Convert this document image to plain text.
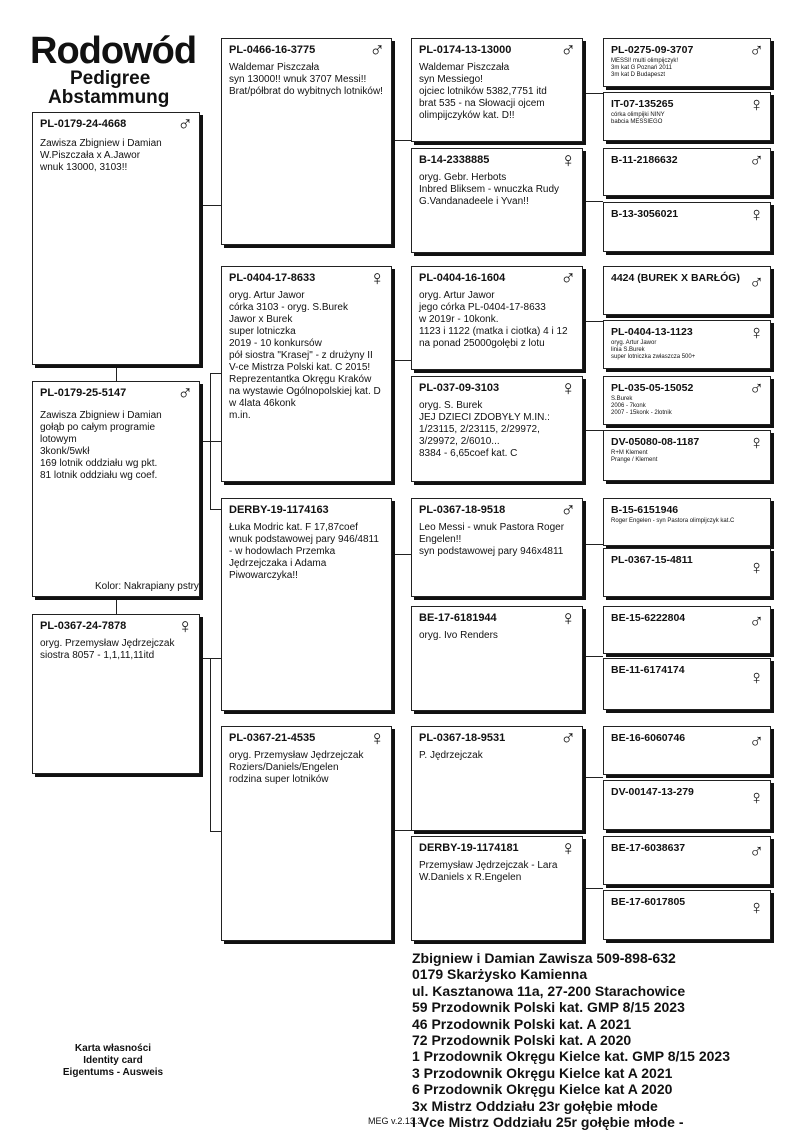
Rodowód
Pedigree
Abstammung
PL-0179-24-4668 ♂
Zawisza Zbigniew i Damian
W.Piszczała x A.Jawor
wnuk 13000, 3103!!
PL-0179-25-5147 ♂
Zawisza Zbigniew i Damian
gołąb po całym programie lotowym
3konk/5wkł
169 lotnik oddziału wg pkt.
81 lotnik oddziału wg coef.
Kolor: Nakrapiany pstry
PL-0367-24-7878 ♀
oryg. Przemysław Jędrzejczak
siostra 8057 - 1,1,11,11itd
PL-0466-16-3775	♂
Waldemar Piszczała
syn 13000!! wnuk 3707 Messi!!
Brat/półbrat do wybitnych lotników!
PL-0404-17-8633	♀
oryg. Artur Jawor
córka 3103 - oryg. S.Burek
Jawor x Burek
super lotniczka
2019 - 10 konkursów
pół siostra "Krasej" - z drużyny II V-ce Mistrza Polski kat. C 2015!
Reprezentantka Okręgu Kraków na wystawie Ogólnopolskiej kat. D
w 4lata 46konk
m.in.
DERBY-19-1174163
Łuka Modric kat. F 17,87coef
wnuk podstawowej pary 946/4811 - w hodowlach Przemka Jędrzejczaka i Adama Piwowarczyka!!
PL-0367-21-4535	♀
oryg. Przemysław Jędrzejczak
Roziers/Daniels/Engelen
rodzina super lotników
PL-0174-13-13000 ♂
Waldemar Piszczała
syn Messiego!
ojciec lotników 5382,7751 itd
brat 535 - na Słowacji ojcem olimpijczyków kat. D!!
B-14-2338885	♀
oryg. Gebr. Herbots
Inbred Bliksem - wnuczka Rudy G.Vandanadeele i Yvan!!
PL-0404-16-1604	♂
oryg. Artur Jawor
jego córka PL-0404-17-8633
w 2019r - 10konk.
1123 i 1122 (matka i ciotka) 4 i 12 na ponad 25000gołębi z lotu
PL-037-09-3103	♀
oryg. S. Burek
JEJ DZIECI ZDOBYŁY M.IN.:
1/23115, 2/23115, 2/29972, 3/29972, 2/6010...
8384 - 6,65coef kat. C
PL-0367-18-9518	♂
Leo Messi - wnuk Pastora Roger Engelen!!
syn podstawowej pary 946x4811
BE-17-6181944	♀
oryg. Ivo Renders
PL-0367-18-9531	♂
P. Jędrzejczak
DERBY-19-1174181 ♀
Przemysław Jędrzejczak - Lara W.Daniels x R.Engelen
PL-0275-09-3707	♂
MESSI! multi olimpijczyk!
3m kat G Poznań 2011
3m kat D Budapeszt
IT-07-135265	♀
córka olimpijki NINY
babcia MESSIEGO
B-11-2186632	♂
B-13-3056021	♀
4424 (BUREK X BARŁÓG) ♂
PL-0404-13-1123	♀
oryg. Artur Jawor
linia S.Burek
super lotniczka zwłaszcza 500+
PL-035-05-15052	♂
S.Burek
2006 - 7konk
2007 - 15konk - 2lotnik
DV-05080-08-1187 ♀
R+M Klement
Prange / Klement
B-15-6151946
Roger Engelen - syn Pastora olimpijczyk kat.C
PL-0367-15-4811	♀
BE-15-6222804	♂
BE-11-6174174	♀
BE-16-6060746	♂
DV-00147-13-279	♀
BE-17-6038637	♂
BE-17-6017805	♀
Zbigniew i Damian Zawisza 509-898-632
0179 Skarżysko Kamienna
ul. Kasztanowa 11a, 27-200 Starachowice
59 Przodownik Polski kat. GMP 8/15 2023
46 Przodownik Polski kat. A 2021
72 Przodownik Polski kat. A 2020
1 Przodownik Okręgu Kielce kat. GMP 8/15 2023
3 Przodownik Okręgu Kielce kat A 2021
6 Przodownik Okręgu Kielce kat A 2020
3x Mistrz Oddziału 23r gołębie młode
I Vce Mistrz Oddziału 25r gołębie młode -
Karta własności
Identity card
Eigentums - Ausweis
MEG v.2.13.3
